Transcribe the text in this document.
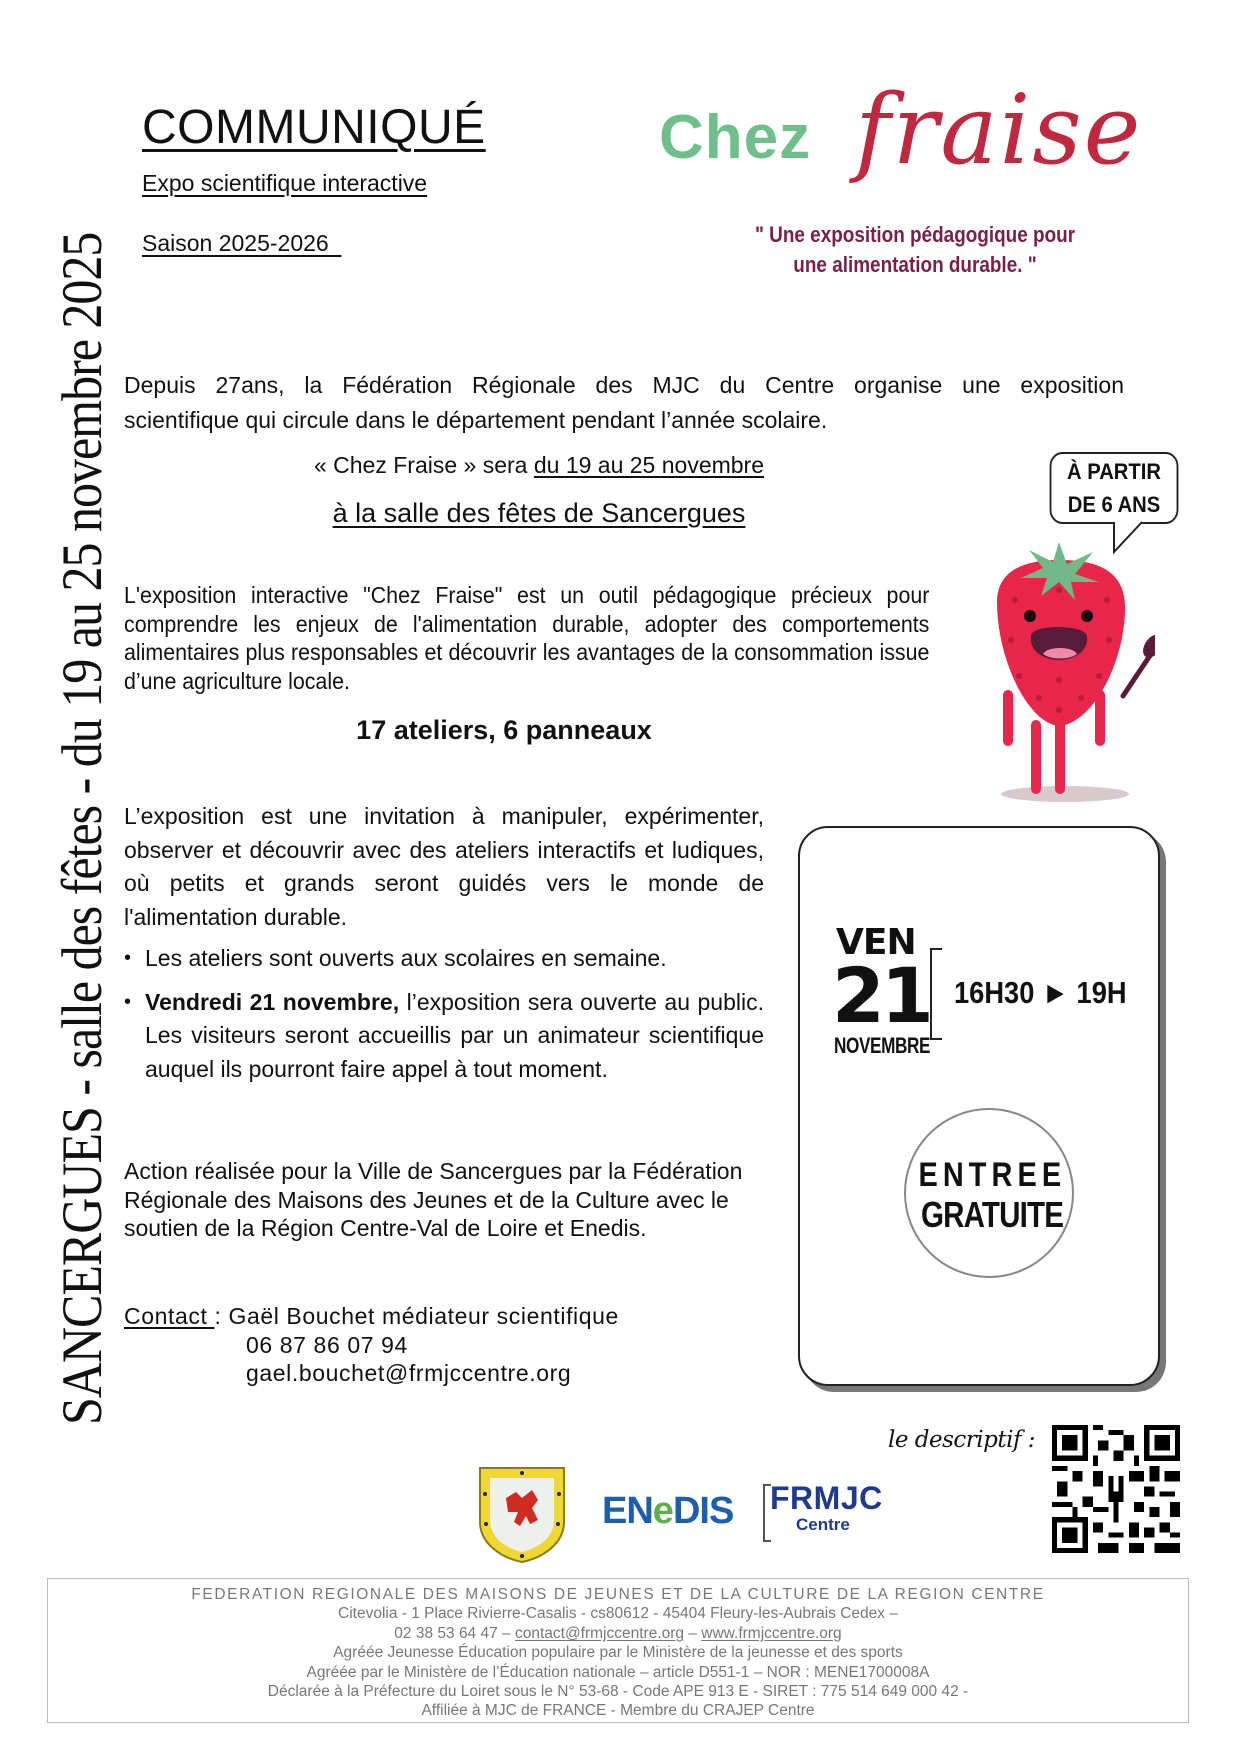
COMMUNIQUÉ
Expo scientifique interactive
Saison 2025-2026
Chez fraise
" Une exposition pédagogique pour
une alimentation durable. "
SANCERGUES - salle des fêtes - du 19 au 25 novembre 2025 Depuis 27ans, la Fédération Régionale des MJC du Centre organise une exposition
scientifique qui circule dans le département pendant l’année scolaire.
« Chez Fraise » sera du 19 au 25 novembre
à la salle des fêtes de Sancergues
L'exposition interactive "Chez Fraise" est un outil pédagogique précieux pour comprendre les enjeux de l'alimentation durable, adopter des comportements alimentaires plus responsables et découvrir les avantages de la consommation issue d’une agriculture locale.
17 ateliers, 6 panneaux
L’exposition est une invitation à manipuler, expérimenter, observer et découvrir avec des ateliers interactifs et ludiques, où petits et grands seront guidés vers le monde de l'alimentation durable.
• Les ateliers sont ouverts aux scolaires en semaine.
• Vendredi 21 novembre, l’exposition sera ouverte au public. Les visiteurs seront accueillis par un animateur scientifique auquel ils pourront faire appel à tout moment.
Action réalisée pour la Ville de Sancergues par la Fédération Régionale des Maisons des Jeunes et de la Culture avec le soutien de la Région Centre-Val de Loire et Enedis.
Contact : Gaël Bouchet médiateur scientifique
06 87 86 07 94
gael.bouchet@frmjccentre.org
À PARTIR
DE 6 ANS
VEN
21
NOVEMBRE
16H30 ► 19H
ENTREE
GRATUITE
le descriptif :
ENeDIS FRMJC
Centre
FEDERATION REGIONALE DES MAISONS DE JEUNES ET DE LA CULTURE DE LA REGION CENTRE
Citevolia - 1 Place Rivierre-Casalis - cs80612 - 45404 Fleury-les-Aubrais Cedex –
02 38 53 64 47 – contact@frmjccentre.org – www.frmjccentre.org
Agréée Jeunesse Éducation populaire par le Ministère de la jeunesse et des sports
Agréée par le Ministère de l’Éducation nationale – article D551-1 – NOR : MENE1700008A
Déclarée à la Préfecture du Loiret sous le N° 53-68 - Code APE 913 E - SIRET : 775 514 649 000 42 -
Affiliée à MJC de FRANCE - Membre du CRAJEP Centre
